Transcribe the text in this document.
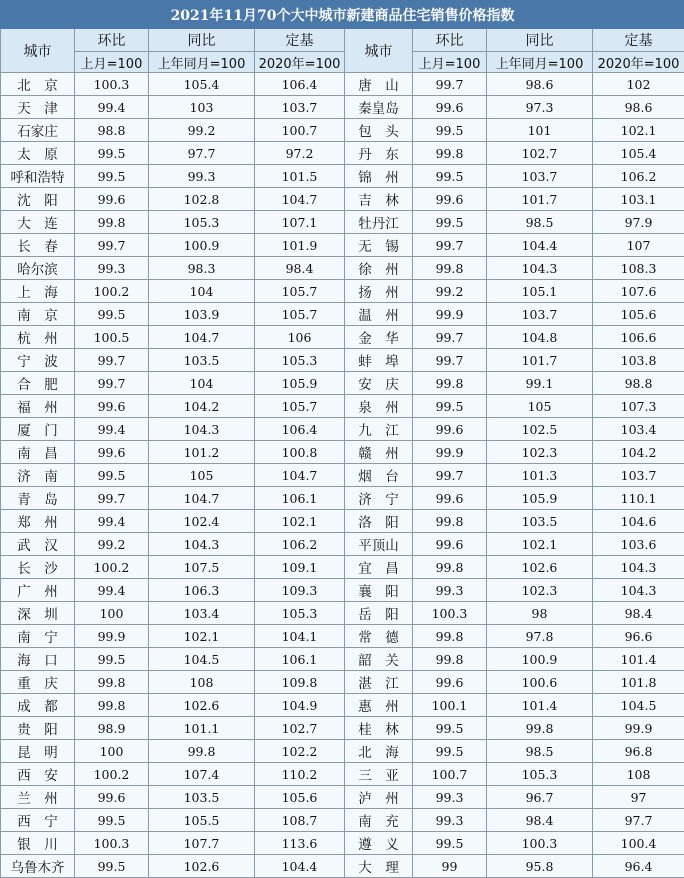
2021年11月70个大中城市新建商品住宅销售价格指数							
城市	环比	同比	定基	城市	环比	同比	定基
	上月=100	上年同月=100	2020年=100		上月=100	上年同月=100	2020年=100
北　京	100.3	105.4	106.4	唐　山	99.7	98.6	102
天　津	99.4	103	103.7	秦皇岛	99.6	97.3	98.6
石家庄	98.8	99.2	100.7	包　头	99.5	101	102.1
太　原	99.5	97.7	97.2	丹　东	99.8	102.7	105.4
呼和浩特	99.5	99.3	101.5	锦　州	99.5	103.7	106.2
沈　阳	99.6	102.8	104.7	吉　林	99.6	101.7	103.1
大　连	99.8	105.3	107.1	牡丹江	99.5	98.5	97.9
长　春	99.7	100.9	101.9	无　锡	99.7	104.4	107
哈尔滨	99.3	98.3	98.4	徐　州	99.8	104.3	108.3
上　海	100.2	104	105.7	扬　州	99.2	105.1	107.6
南　京	99.5	103.9	105.7	温　州	99.9	103.7	105.6
杭　州	100.5	104.7	106	金　华	99.7	104.8	106.6
宁　波	99.7	103.5	105.3	蚌　埠	99.7	101.7	103.8
合　肥	99.7	104	105.9	安　庆	99.8	99.1	98.8
福　州	99.6	104.2	105.7	泉　州	99.5	105	107.3
厦　门	99.4	104.3	106.4	九　江	99.6	102.5	103.4
南　昌	99.6	101.2	100.8	赣　州	99.9	102.3	104.2
济　南	99.5	105	104.7	烟　台	99.7	101.3	103.7
青　岛	99.7	104.7	106.1	济　宁	99.6	105.9	110.1
郑　州	99.4	102.4	102.1	洛　阳	99.8	103.5	104.6
武　汉	99.2	104.3	106.2	平顶山	99.6	102.1	103.6
长　沙	100.2	107.5	109.1	宜　昌	99.8	102.6	104.3
广　州	99.4	106.3	109.3	襄　阳	99.3	102.3	104.3
深　圳	100	103.4	105.3	岳　阳	100.3	98	98.4
南　宁	99.9	102.1	104.1	常　德	99.8	97.8	96.6
海　口	99.5	104.5	106.1	韶　关	99.8	100.9	101.4
重　庆	99.8	108	109.8	湛　江	99.6	100.6	101.8
成　都	99.8	102.6	104.9	惠　州	100.1	101.4	104.5
贵　阳	98.9	101.1	102.7	桂　林	99.5	99.8	99.9
昆　明	100	99.8	102.2	北　海	99.5	98.5	96.8
西　安	100.2	107.4	110.2	三　亚	100.7	105.3	108
兰　州	99.6	103.5	105.6	泸　州	99.3	96.7	97
西　宁	99.5	105.5	108.7	南　充	99.3	98.4	97.7
银　川	100.3	107.7	113.6	遵　义	99.5	100.3	100.4
乌鲁木齐	99.5	102.6	104.4	大　理	99	95.8	96.4
